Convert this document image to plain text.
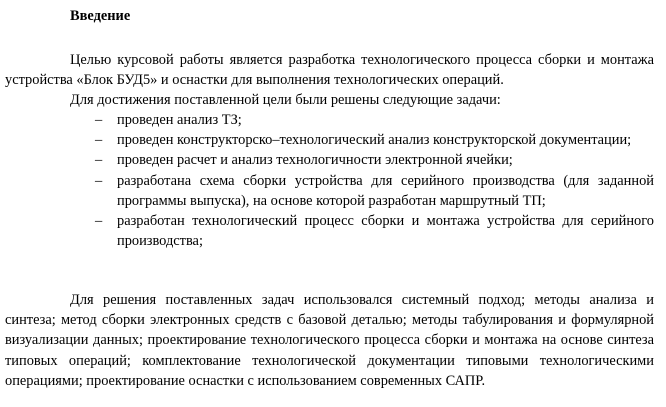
Введение

Целью курсовой работы является разработка технологического процесса сборки и монтажа устройства «Блок БУД5» и оснастки для выполнения технологических операций.

Для достижения поставленной цели были решены следующие задачи:
– проведен анализ ТЗ;
– проведен конструкторско–технологический анализ конструкторской документации;
– проведен расчет и анализ технологичности электронной ячейки;
– разработана схема сборки устройства для серийного производства (для заданной программы выпуска), на основе которой разработан маршрутный ТП;
– разработан технологический процесс сборки и монтажа устройства для серийного производства;

Для решения поставленных задач использовался системный подход; методы анализа и синтеза; метод сборки электронных средств с базовой деталью; методы табулирования и формулярной визуализации данных; проектирование технологического процесса сборки и монтажа на основе синтеза типовых операций; комплектование технологической документации типовыми технологическими операциями; проектирование оснастки с использованием современных САПР.
